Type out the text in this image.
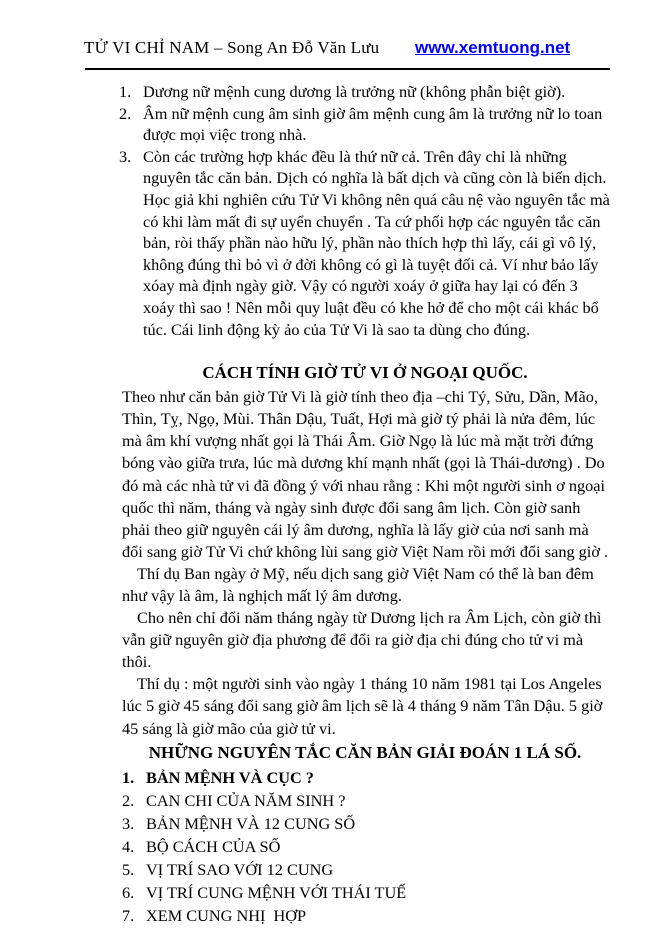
TỬ VI CHỈ NAM – Song An Đỗ Văn Lưu www.xemtuong.net
Dương nữ mệnh cung dương là trưởng nữ (không phẫn biệt giờ).
Âm nữ mệnh cung âm sinh giờ âm mệnh cung âm là trưởng nữ lo toan được mọi việc trong nhà.
Còn các trường hợp khác đều là thứ nữ cả. Trên đây chỉ là những nguyên tắc căn bản. Dịch có nghĩa là bất dịch và cũng còn là biến dịch. Học giả khi nghiên cứu Tử Vi không nên quá câu nệ vào nguyên tắc mà có khi làm mất đi sự uyển chuyển . Ta cứ phối hợp các nguyên tắc căn bản, ròi thấy phần nào hữu lý, phần nào thích hợp thì lấy, cái gì vô lý, không đúng thì bỏ vì ở đời không có gì là tuyệt đối cả. Ví như bảo lấy xóay mà định ngày giờ. Vậy có người xoáy ở giữa hay lại có đến 3 xoáy thì sao ! Nên mỗi quy luật đều có khe hở để cho một cái khác bổ túc. Cái linh động kỳ ảo của Tử Vi là sao ta dùng cho đúng.
CÁCH TÍNH GIỜ TỬ VI Ở NGOẠI QUỐC.

Theo như căn bản giờ Tử Vi là giờ tính theo địa –chi Tý, Sửu, Dần, Mão, Thìn, Tỵ, Ngọ, Mùi. Thân Dậu, Tuất, Hợi mà giờ tý phải là nửa đêm, lúc mà âm khí vượng nhất gọi là Thái Âm. Giờ Ngọ là lúc mà mặt trời đứng bóng vào giữa trưa, lúc mà dương khí mạnh nhất (gọi là Thái-dương) . Do đó mà các nhà tử vi đã đồng ý với nhau rằng : Khi một người sinh ơ ngoại quốc thì năm, tháng và ngày sinh được đổi sang âm lịch. Còn giờ sanh phải theo giữ nguyên cái lý âm dương, nghĩa là lấy giờ của nơi sanh mà đổi sang giờ Tử Vi chứ không lùi sang giờ Việt Nam rồi mới đổi sang giờ .

Thí dụ Ban ngày ở Mỹ, nếu dịch sang giờ Việt Nam có thể là ban đêm như vậy là âm, là nghịch mất lý âm dương.

Cho nên chỉ đổi năm tháng ngày từ Dương lịch ra Âm Lịch, còn giờ thì vẫn giữ nguyên giờ địa phương để đổi ra giờ địa chi đúng cho tử vi mà thôi.

Thí dụ : một người sinh vào ngày 1 tháng 10 năm 1981 tại Los Angeles lúc 5 giờ 45 sáng đổi sang giờ âm lịch sẽ là 4 tháng 9 năm Tân Dậu. 5 giờ 45 sáng là giờ mão của giờ tử vi.

NHỮNG NGUYÊN TẮC CĂN BẢN GIẢI ĐOÁN 1 LÁ SỐ.
BẢN MỆNH VÀ CỤC ?
CAN CHI CỦA NĂM SINH ?
BẢN MỆNH VÀ 12 CUNG SỐ
BỘ CÁCH CỦA SỐ
VỊ TRÍ SAO VỚI 12 CUNG
VỊ TRÍ CUNG MỆNH VỚI THÁI TUẾ
XEM CUNG NHỊ  HỢP
